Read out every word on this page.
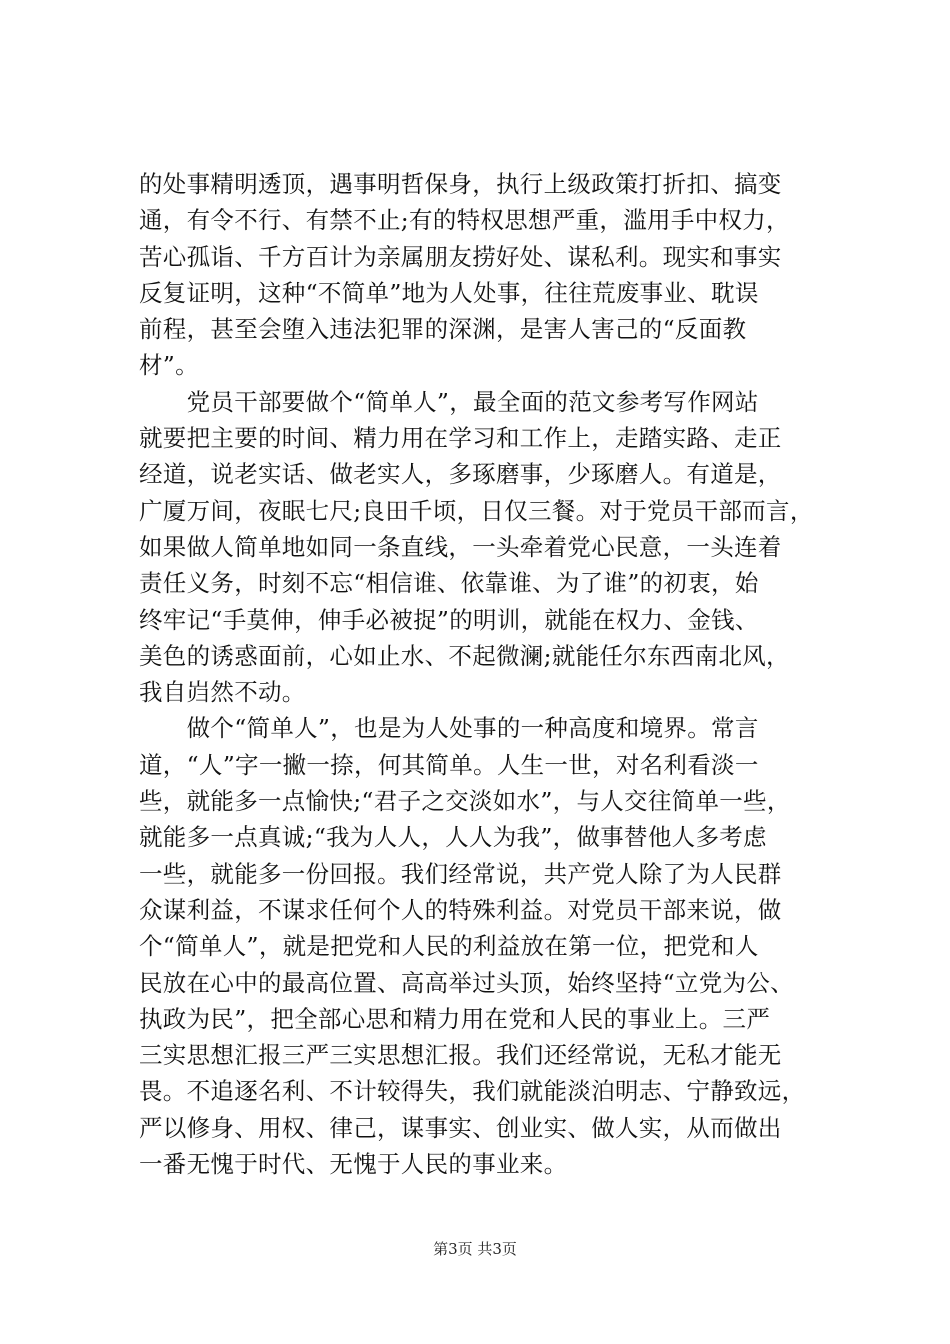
的处事精明透顶，遇事明哲保身，执行上级政策打折扣、搞变
通，有令不行、有禁不止;有的特权思想严重，滥用手中权力，
苦心孤诣、千方百计为亲属朋友捞好处、谋私利。现实和事实
反复证明，这种“不简单”地为人处事，往往荒废事业、耽误
前程，甚至会堕入违法犯罪的深渊，是害人害己的“反面教
材”。
　　党员干部要做个“简单人”，最全面的范文参考写作网站
就要把主要的时间、精力用在学习和工作上，走踏实路、走正
经道，说老实话、做老实人，多琢磨事，少琢磨人。有道是，
广厦万间，夜眠七尺;良田千顷，日仅三餐。对于党员干部而言，
如果做人简单地如同一条直线，一头牵着党心民意，一头连着
责任义务，时刻不忘“相信谁、依靠谁、为了谁”的初衷，始
终牢记“手莫伸，伸手必被捉”的明训，就能在权力、金钱、
美色的诱惑面前，心如止水、不起微澜;就能任尔东西南北风，
我自岿然不动。
　　做个“简单人”，也是为人处事的一种高度和境界。常言
道，“人”字一撇一捺，何其简单。人生一世，对名利看淡一
些，就能多一点愉快;“君子之交淡如水”，与人交往简单一些，
就能多一点真诚;“我为人人，人人为我”，做事替他人多考虑
一些，就能多一份回报。我们经常说，共产党人除了为人民群
众谋利益，不谋求任何个人的特殊利益。对党员干部来说，做
个“简单人”，就是把党和人民的利益放在第一位，把党和人
民放在心中的最高位置、高高举过头顶，始终坚持“立党为公、
执政为民”，把全部心思和精力用在党和人民的事业上。三严
三实思想汇报三严三实思想汇报。我们还经常说，无私才能无
畏。不追逐名利、不计较得失，我们就能淡泊明志、宁静致远，
严以修身、用权、律己，谋事实、创业实、做人实，从而做出
一番无愧于时代、无愧于人民的事业来。
第3页 共3页
